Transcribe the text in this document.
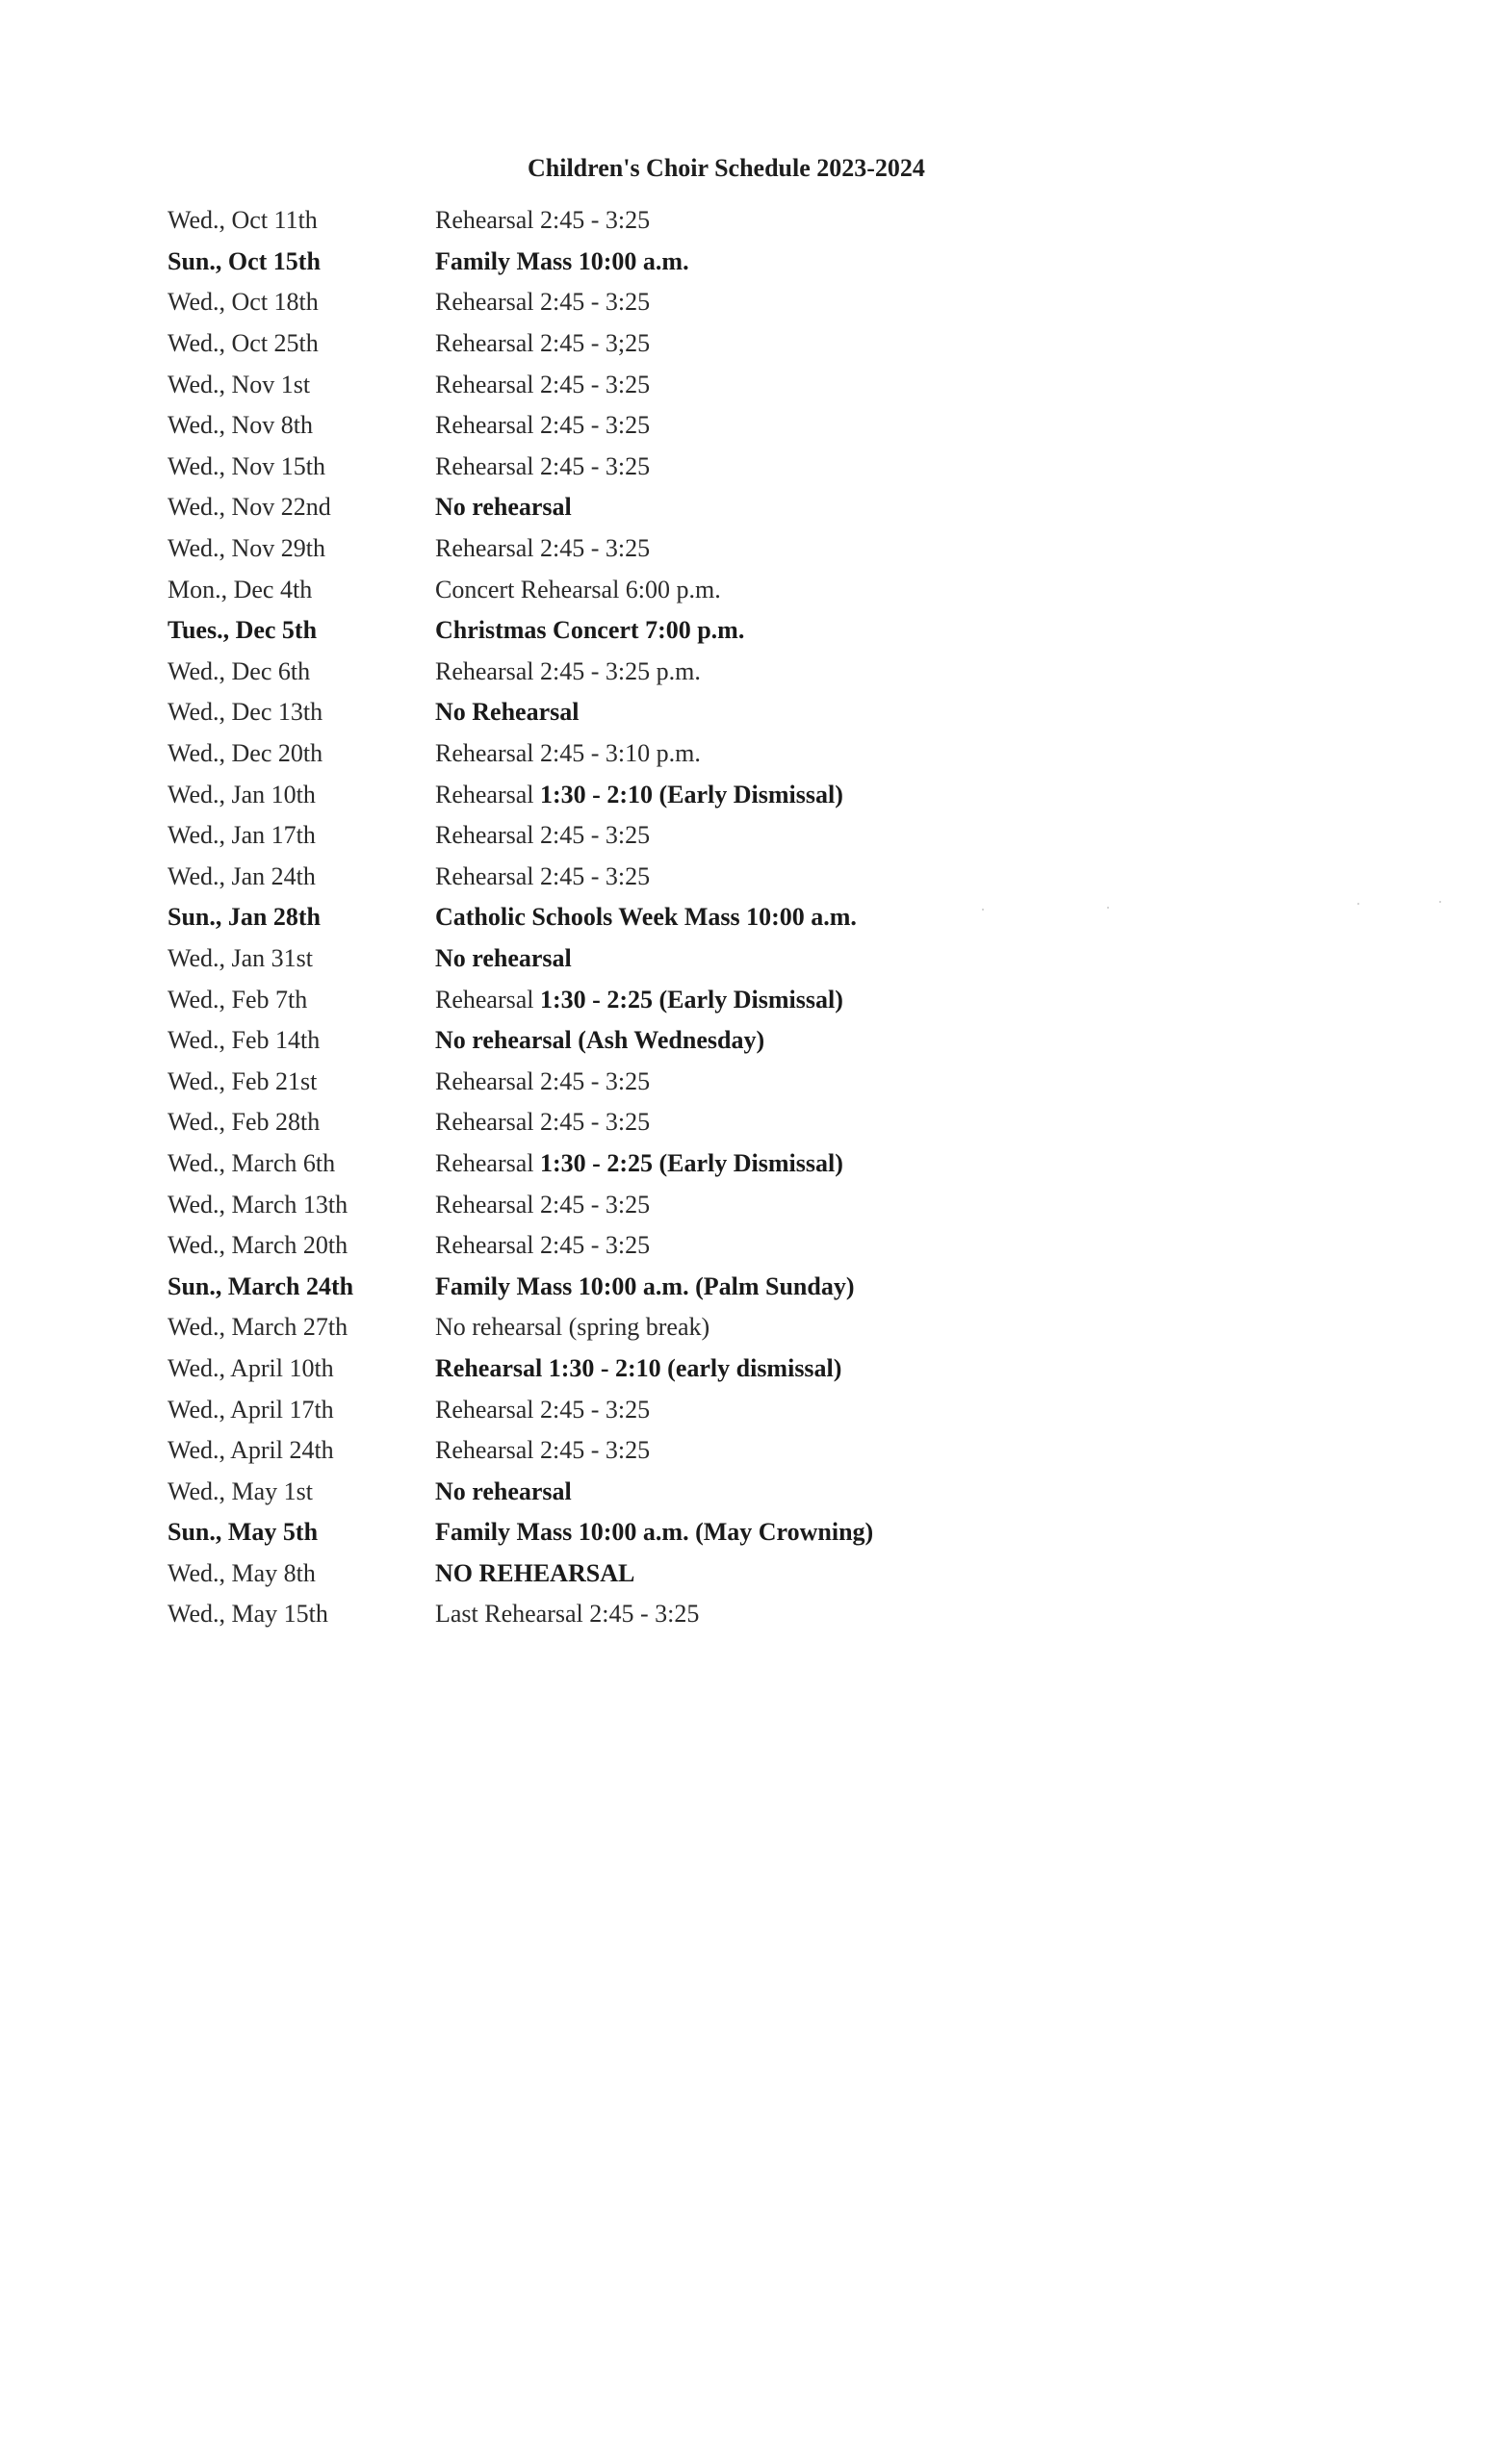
Children's Choir Schedule 2023-2024
Wed., Oct 11th	Rehearsal 2:45 - 3:25
Sun., Oct 15th	Family Mass 10:00 a.m.
Wed., Oct 18th	Rehearsal 2:45 - 3:25
Wed., Oct 25th	Rehearsal 2:45 - 3;25
Wed., Nov 1st	Rehearsal 2:45 - 3:25
Wed., Nov 8th	Rehearsal 2:45 - 3:25
Wed., Nov 15th	Rehearsal 2:45 - 3:25
Wed., Nov 22nd	No rehearsal
Wed., Nov 29th	Rehearsal 2:45 - 3:25
Mon., Dec 4th	Concert Rehearsal 6:00 p.m.
Tues., Dec 5th	Christmas Concert 7:00 p.m.
Wed., Dec 6th	Rehearsal 2:45 - 3:25 p.m.
Wed., Dec 13th	No Rehearsal
Wed., Dec 20th	Rehearsal 2:45 - 3:10 p.m.
Wed., Jan 10th	Rehearsal 1:30 - 2:10 (Early Dismissal)
Wed., Jan 17th	Rehearsal 2:45 - 3:25
Wed., Jan 24th	Rehearsal 2:45 - 3:25
Sun., Jan 28th	Catholic Schools Week Mass 10:00 a.m.
Wed., Jan 31st	No rehearsal
Wed., Feb 7th	Rehearsal 1:30 - 2:25 (Early Dismissal)
Wed., Feb 14th	No rehearsal (Ash Wednesday)
Wed., Feb 21st	Rehearsal 2:45 - 3:25
Wed., Feb 28th	Rehearsal 2:45 - 3:25
Wed., March 6th	Rehearsal 1:30 - 2:25 (Early Dismissal)
Wed., March 13th	Rehearsal 2:45 - 3:25
Wed., March 20th	Rehearsal 2:45 - 3:25
Sun., March 24th	Family Mass 10:00 a.m. (Palm Sunday)
Wed., March 27th	No rehearsal (spring break)
Wed., April 10th	Rehearsal 1:30 - 2:10 (early dismissal)
Wed., April 17th	Rehearsal 2:45 - 3:25
Wed., April 24th	Rehearsal 2:45 - 3:25
Wed., May 1st	No rehearsal
Sun., May 5th	Family Mass 10:00 a.m. (May Crowning)
Wed., May 8th	NO REHEARSAL
Wed., May 15th	Last Rehearsal 2:45 - 3:25
